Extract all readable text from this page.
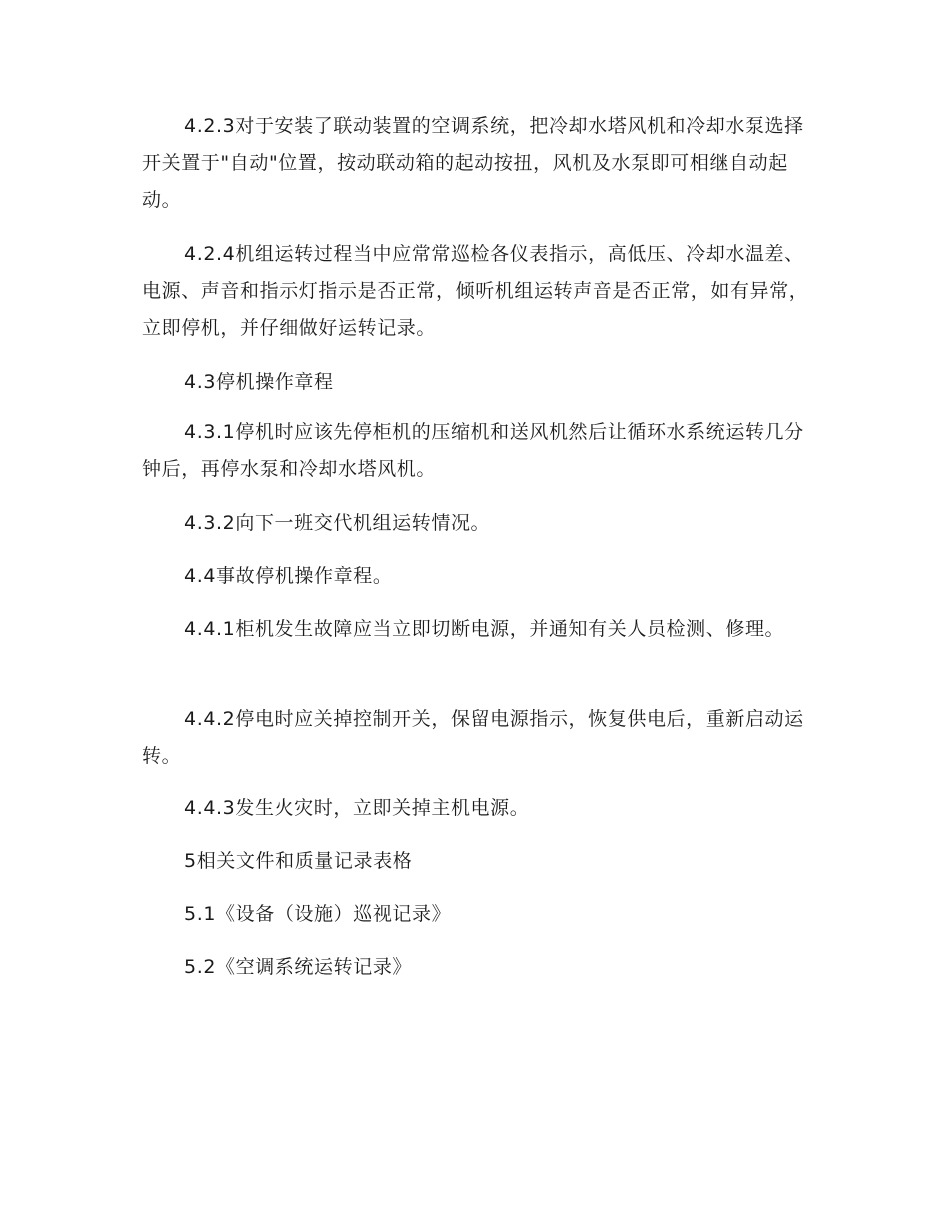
4.2.3对于安装了联动装置的空调系统，把冷却水塔风机和冷却水泵选择开关置于"自动"位置，按动联动箱的起动按扭，风机及水泵即可相继自动起动。

4.2.4机组运转过程当中应常常巡检各仪表指示，高低压、冷却水温差、电源、声音和指示灯指示是否正常，倾听机组运转声音是否正常，如有异常，立即停机，并仔细做好运转记录。

4.3停机操作章程

4.3.1停机时应该先停柜机的压缩机和送风机然后让循环水系统运转几分钟后，再停水泵和冷却水塔风机。

4.3.2向下一班交代机组运转情况。

4.4事故停机操作章程。

4.4.1柜机发生故障应当立即切断电源，并通知有关人员检测、修理。

4.4.2停电时应关掉控制开关，保留电源指示，恢复供电后，重新启动运转。

4.4.3发生火灾时，立即关掉主机电源。

5相关文件和质量记录表格

5.1《设备（设施）巡视记录》

5.2《空调系统运转记录》
